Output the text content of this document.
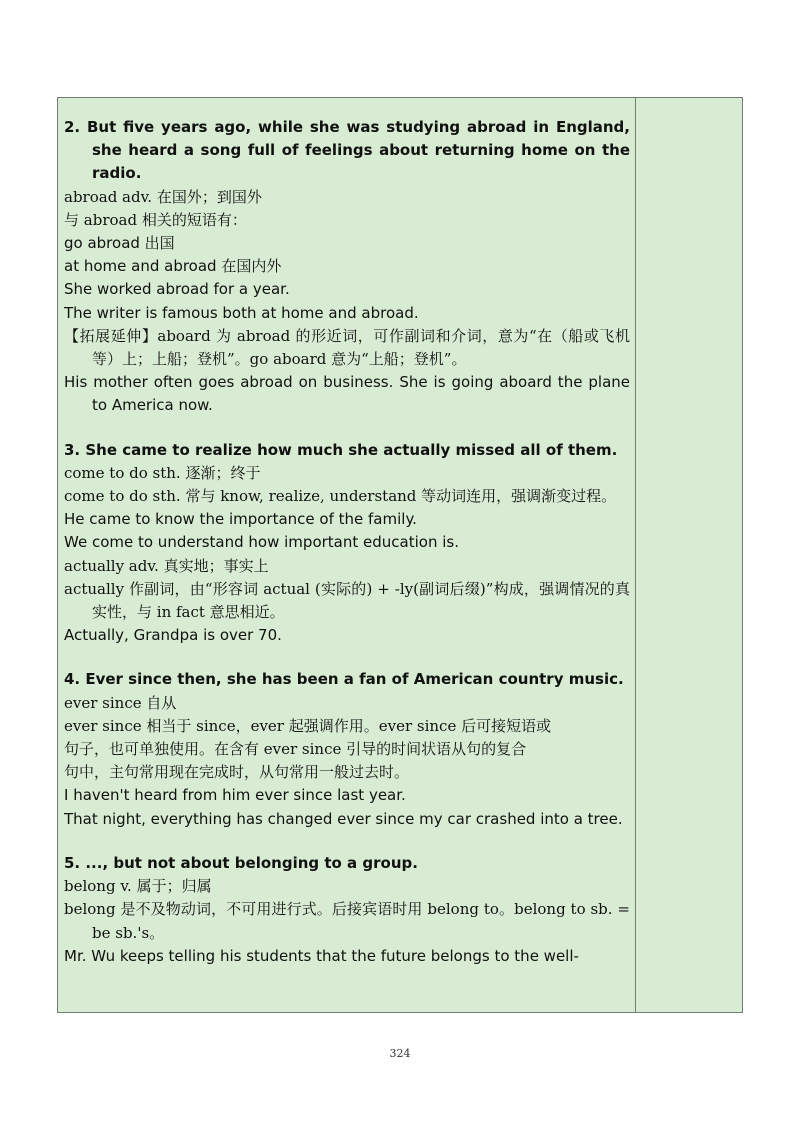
2. But five years ago, while she was studying abroad in England, she heard a song full of feelings about returning home on the radio.

abroad adv. 在国外；到国外

与 abroad 相关的短语有：

go abroad 出国

at home and abroad 在国内外

She worked abroad for a year.

The writer is famous both at home and abroad.

【拓展延伸】aboard 为 abroad 的形近词，可作副词和介词，意为“在（船或飞机等）上；上船；登机”。go aboard 意为“上船；登机”。

His mother often goes abroad on business. She is going aboard the plane to America now.

3. She came to realize how much she actually missed all of them.

come to do sth. 逐渐；终于

come to do sth. 常与 know, realize, understand 等动词连用，强调渐变过程。

He came to know the importance of the family.

We come to understand how important education is.

actually adv. 真实地；事实上

actually 作副词，由“形容词 actual (实际的) + -ly(副词后缀)”构成，强调情况的真实性，与 in fact 意思相近。

Actually, Grandpa is over 70.

4. Ever since then, she has been a fan of American country music.

ever since 自从

ever since 相当于 since，ever 起强调作用。ever since 后可接短语或

句子，也可单独使用。在含有 ever since 引导的时间状语从句的复合

句中，主句常用现在完成时，从句常用一般过去时。

I haven't heard from him ever since last year.

That night, everything has changed ever since my car crashed into a tree.

5. ..., but not about belonging to a group.

belong v. 属于；归属

belong 是不及物动词，不可用进行式。后接宾语时用 belong to。belong to sb. = be sb.'s。

Mr. Wu keeps telling his students that the future belongs to the well-

324
